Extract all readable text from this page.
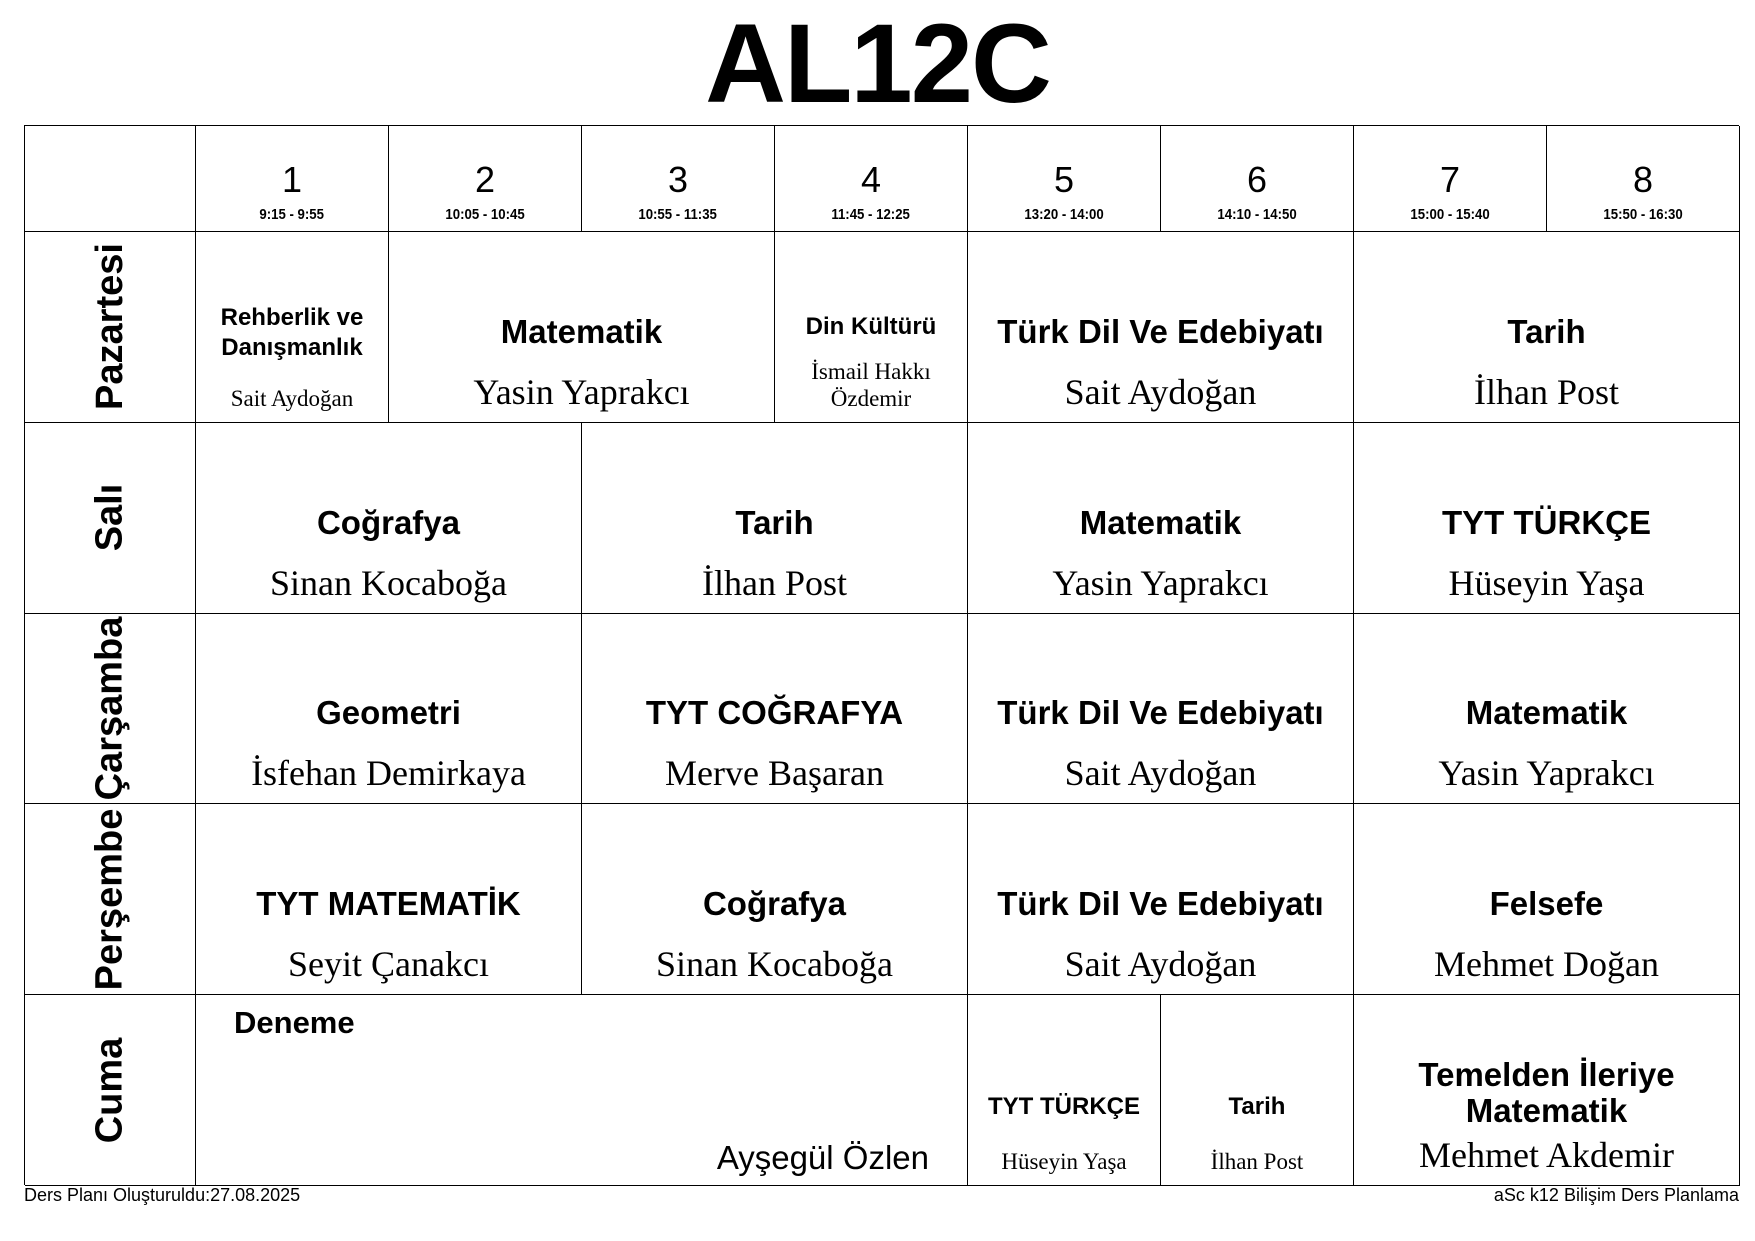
AL12C
1
9:15 - 9:55
2
10:05 - 10:45
3
10:55 - 11:35
4
11:45 - 12:25
5
13:20 - 14:00
6
14:10 - 14:50
7
15:00 - 15:40
8
15:50 - 16:30
Pazartesi
Salı
Çarşamba
Perşembe
Cuma
Rehberlik ve
Danışmanlık
Sait Aydoğan
Matematik
Yasin Yaprakcı
Din Kültürü
İsmail Hakkı
Özdemir
Türk Dil Ve Edebiyatı
Sait Aydoğan
Tarih
İlhan Post
Coğrafya
Sinan Kocaboğa
Tarih
İlhan Post
Matematik
Yasin Yaprakcı
TYT TÜRKÇE
Hüseyin Yaşa
Geometri
İsfehan Demirkaya
TYT COĞRAFYA
Merve Başaran
Türk Dil Ve Edebiyatı
Sait Aydoğan
Matematik
Yasin Yaprakcı
TYT MATEMATİK
Seyit Çanakcı
Coğrafya
Sinan Kocaboğa
Türk Dil Ve Edebiyatı
Sait Aydoğan
Felsefe
Mehmet Doğan
Deneme
Ayşegül Özlen
TYT TÜRKÇE
Hüseyin Yaşa
Tarih
İlhan Post
Temelden İleriye
Matematik
Mehmet Akdemir
Ders Planı Oluşturuldu:27.08.2025	aSc k12 Bilişim Ders Planlama
